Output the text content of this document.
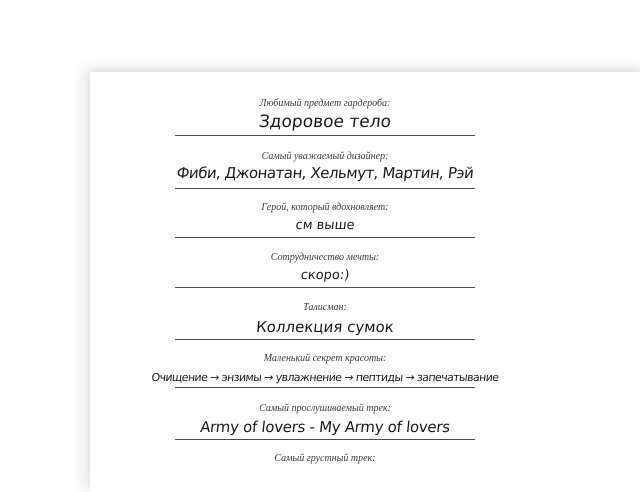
Любимый предмет гардероба:
Здоровое тело
Самый уважаемый дизайнер:
Фиби, Джонатан, Хельмут, Мартин, Рэй
Герой, который вдохновляет:
см выше
Сотрудничество мечты:
скоро:)
Талисман:
Коллекция сумок
Маленький секрет красоты:
Очищение → энзимы → увлажнение → пептиды → запечатывание
Самый прослушиваемый трек:
Army of lovers - My Army of lovers
Самый грустный трек:
